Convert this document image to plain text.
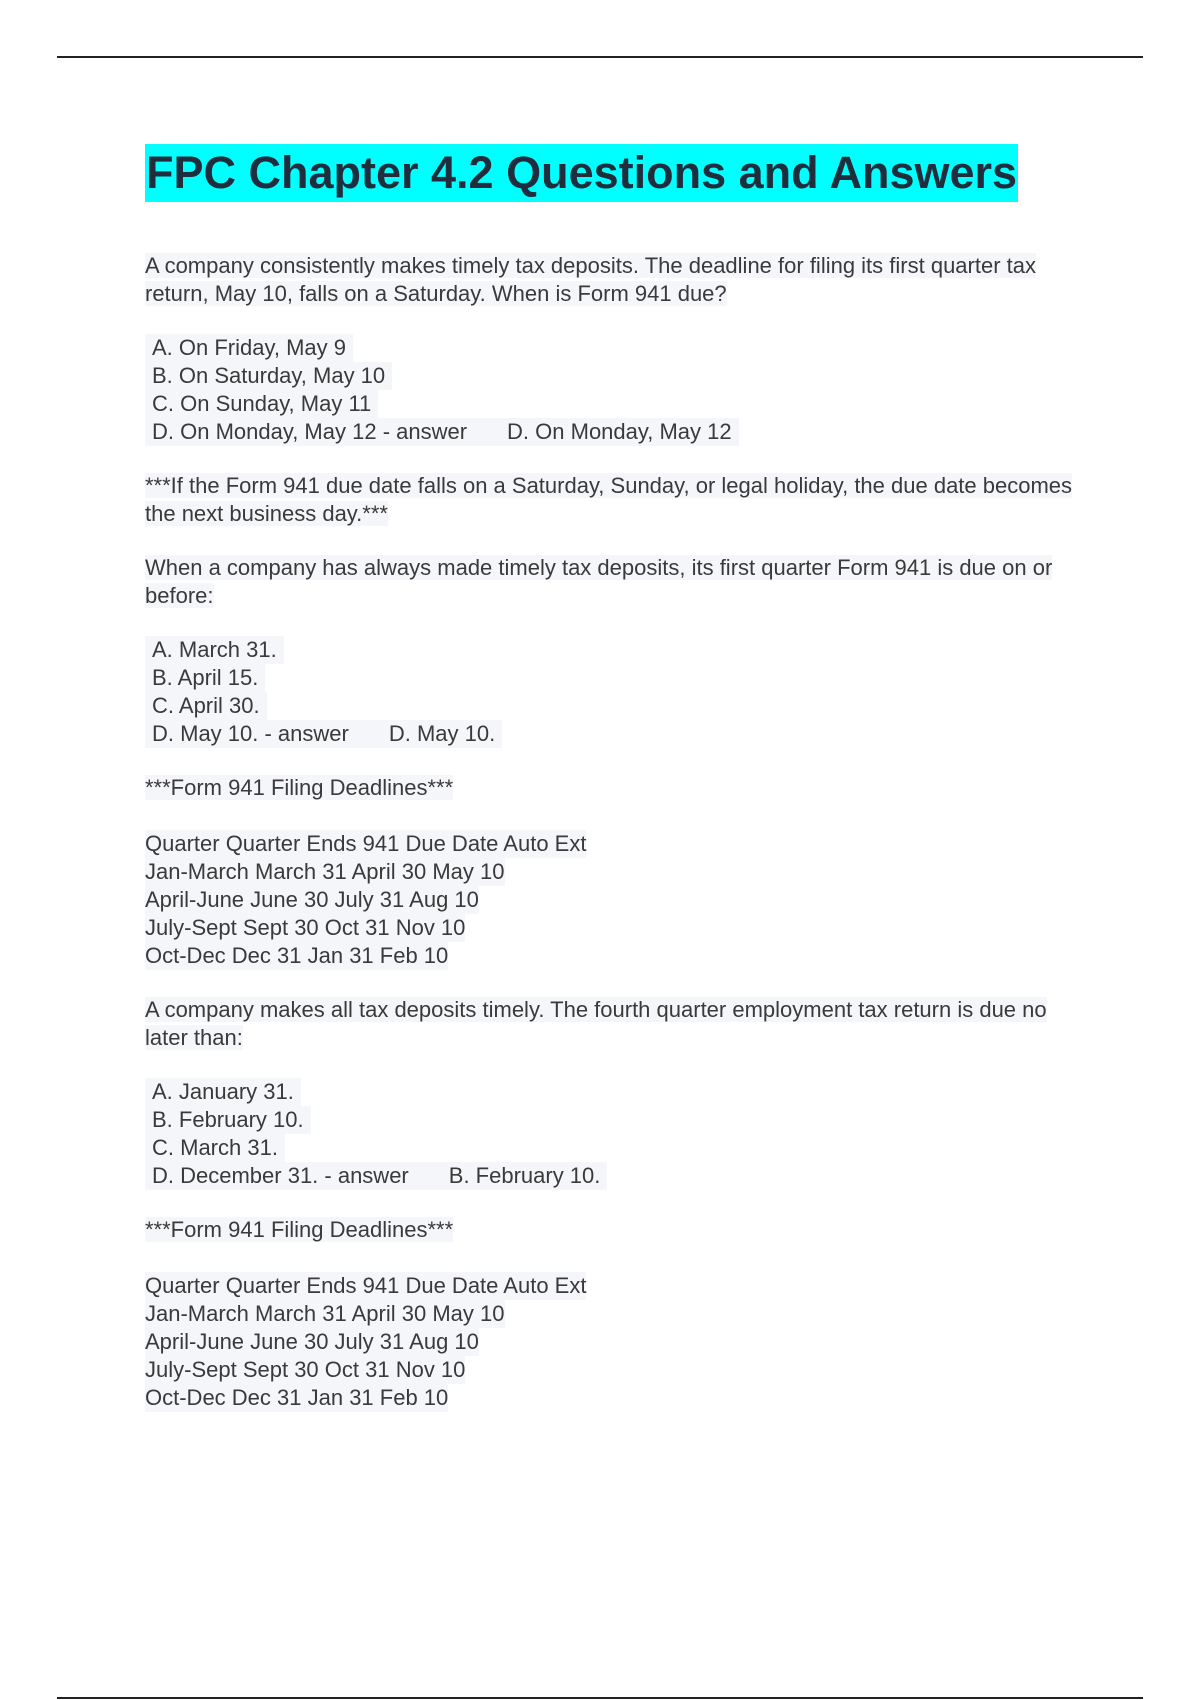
FPC Chapter 4.2 Questions and Answers
A company consistently makes timely tax deposits. The deadline for filing its first quarter tax return, May 10, falls on a Saturday. When is Form 941 due?
A. On Friday, May 9
B. On Saturday, May 10
C. On Sunday, May 11
D. On Monday, May 12 - answer D. On Monday, May 12
***If the Form 941 due date falls on a Saturday, Sunday, or legal holiday, the due date becomes the next business day.***
When a company has always made timely tax deposits, its first quarter Form 941 is due on or before:
A. March 31.
B. April 15.
C. April 30.
D. May 10. - answer D. May 10.
***Form 941 Filing Deadlines***
Quarter Quarter Ends 941 Due Date Auto Ext
Jan-March March 31 April 30 May 10
April-June June 30 July 31 Aug 10
July-Sept Sept 30 Oct 31 Nov 10
Oct-Dec Dec 31 Jan 31 Feb 10
A company makes all tax deposits timely. The fourth quarter employment tax return is due no later than:
A. January 31.
B. February 10.
C. March 31.
D. December 31. - answer B. February 10.
***Form 941 Filing Deadlines***
Quarter Quarter Ends 941 Due Date Auto Ext
Jan-March March 31 April 30 May 10
April-June June 30 July 31 Aug 10
July-Sept Sept 30 Oct 31 Nov 10
Oct-Dec Dec 31 Jan 31 Feb 10
